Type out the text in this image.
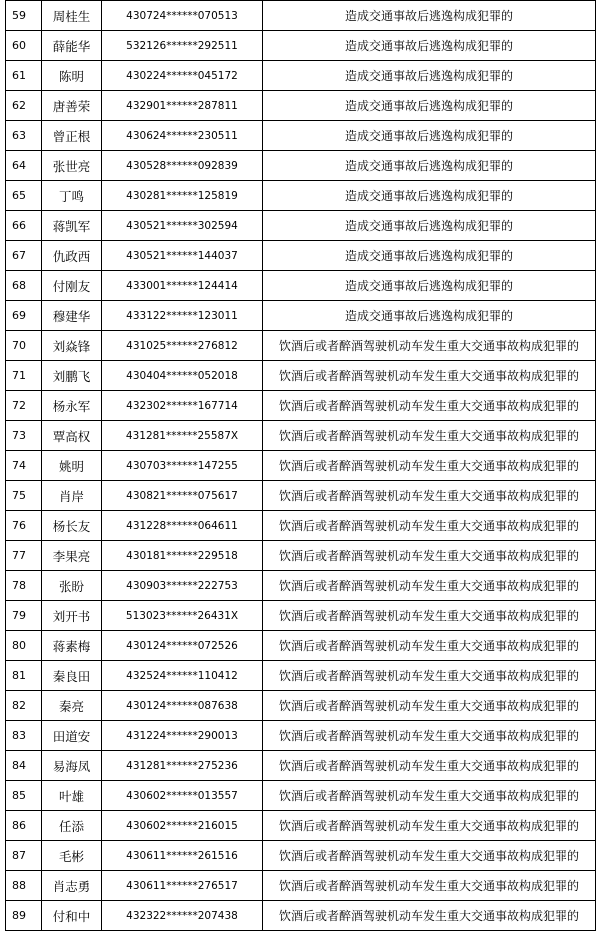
59	周桂生	430724******070513	造成交通事故后逃逸构成犯罪的
60	薛能华	532126******292511	造成交通事故后逃逸构成犯罪的
61	陈明	430224******045172	造成交通事故后逃逸构成犯罪的
62	唐善荣	432901******287811	造成交通事故后逃逸构成犯罪的
63	曾正根	430624******230511	造成交通事故后逃逸构成犯罪的
64	张世亮	430528******092839	造成交通事故后逃逸构成犯罪的
65	丁鸣	430281******125819	造成交通事故后逃逸构成犯罪的
66	蒋凯军	430521******302594	造成交通事故后逃逸构成犯罪的
67	仇政西	430521******144037	造成交通事故后逃逸构成犯罪的
68	付刚友	433001******124414	造成交通事故后逃逸构成犯罪的
69	穆建华	433122******123011	造成交通事故后逃逸构成犯罪的
70	刘焱锋	431025******276812	饮酒后或者醉酒驾驶机动车发生重大交通事故构成犯罪的
71	刘鹏飞	430404******052018	饮酒后或者醉酒驾驶机动车发生重大交通事故构成犯罪的
72	杨永军	432302******167714	饮酒后或者醉酒驾驶机动车发生重大交通事故构成犯罪的
73	覃高权	431281******25587X	饮酒后或者醉酒驾驶机动车发生重大交通事故构成犯罪的
74	姚明	430703******147255	饮酒后或者醉酒驾驶机动车发生重大交通事故构成犯罪的
75	肖岸	430821******075617	饮酒后或者醉酒驾驶机动车发生重大交通事故构成犯罪的
76	杨长友	431228******064611	饮酒后或者醉酒驾驶机动车发生重大交通事故构成犯罪的
77	李果亮	430181******229518	饮酒后或者醉酒驾驶机动车发生重大交通事故构成犯罪的
78	张盼	430903******222753	饮酒后或者醉酒驾驶机动车发生重大交通事故构成犯罪的
79	刘开书	513023******26431X	饮酒后或者醉酒驾驶机动车发生重大交通事故构成犯罪的
80	蒋素梅	430124******072526	饮酒后或者醉酒驾驶机动车发生重大交通事故构成犯罪的
81	秦良田	432524******110412	饮酒后或者醉酒驾驶机动车发生重大交通事故构成犯罪的
82	秦亮	430124******087638	饮酒后或者醉酒驾驶机动车发生重大交通事故构成犯罪的
83	田道安	431224******290013	饮酒后或者醉酒驾驶机动车发生重大交通事故构成犯罪的
84	易海凤	431281******275236	饮酒后或者醉酒驾驶机动车发生重大交通事故构成犯罪的
85	叶雄	430602******013557	饮酒后或者醉酒驾驶机动车发生重大交通事故构成犯罪的
86	任添	430602******216015	饮酒后或者醉酒驾驶机动车发生重大交通事故构成犯罪的
87	毛彬	430611******261516	饮酒后或者醉酒驾驶机动车发生重大交通事故构成犯罪的
88	肖志勇	430611******276517	饮酒后或者醉酒驾驶机动车发生重大交通事故构成犯罪的
89	付和中	432322******207438	饮酒后或者醉酒驾驶机动车发生重大交通事故构成犯罪的
